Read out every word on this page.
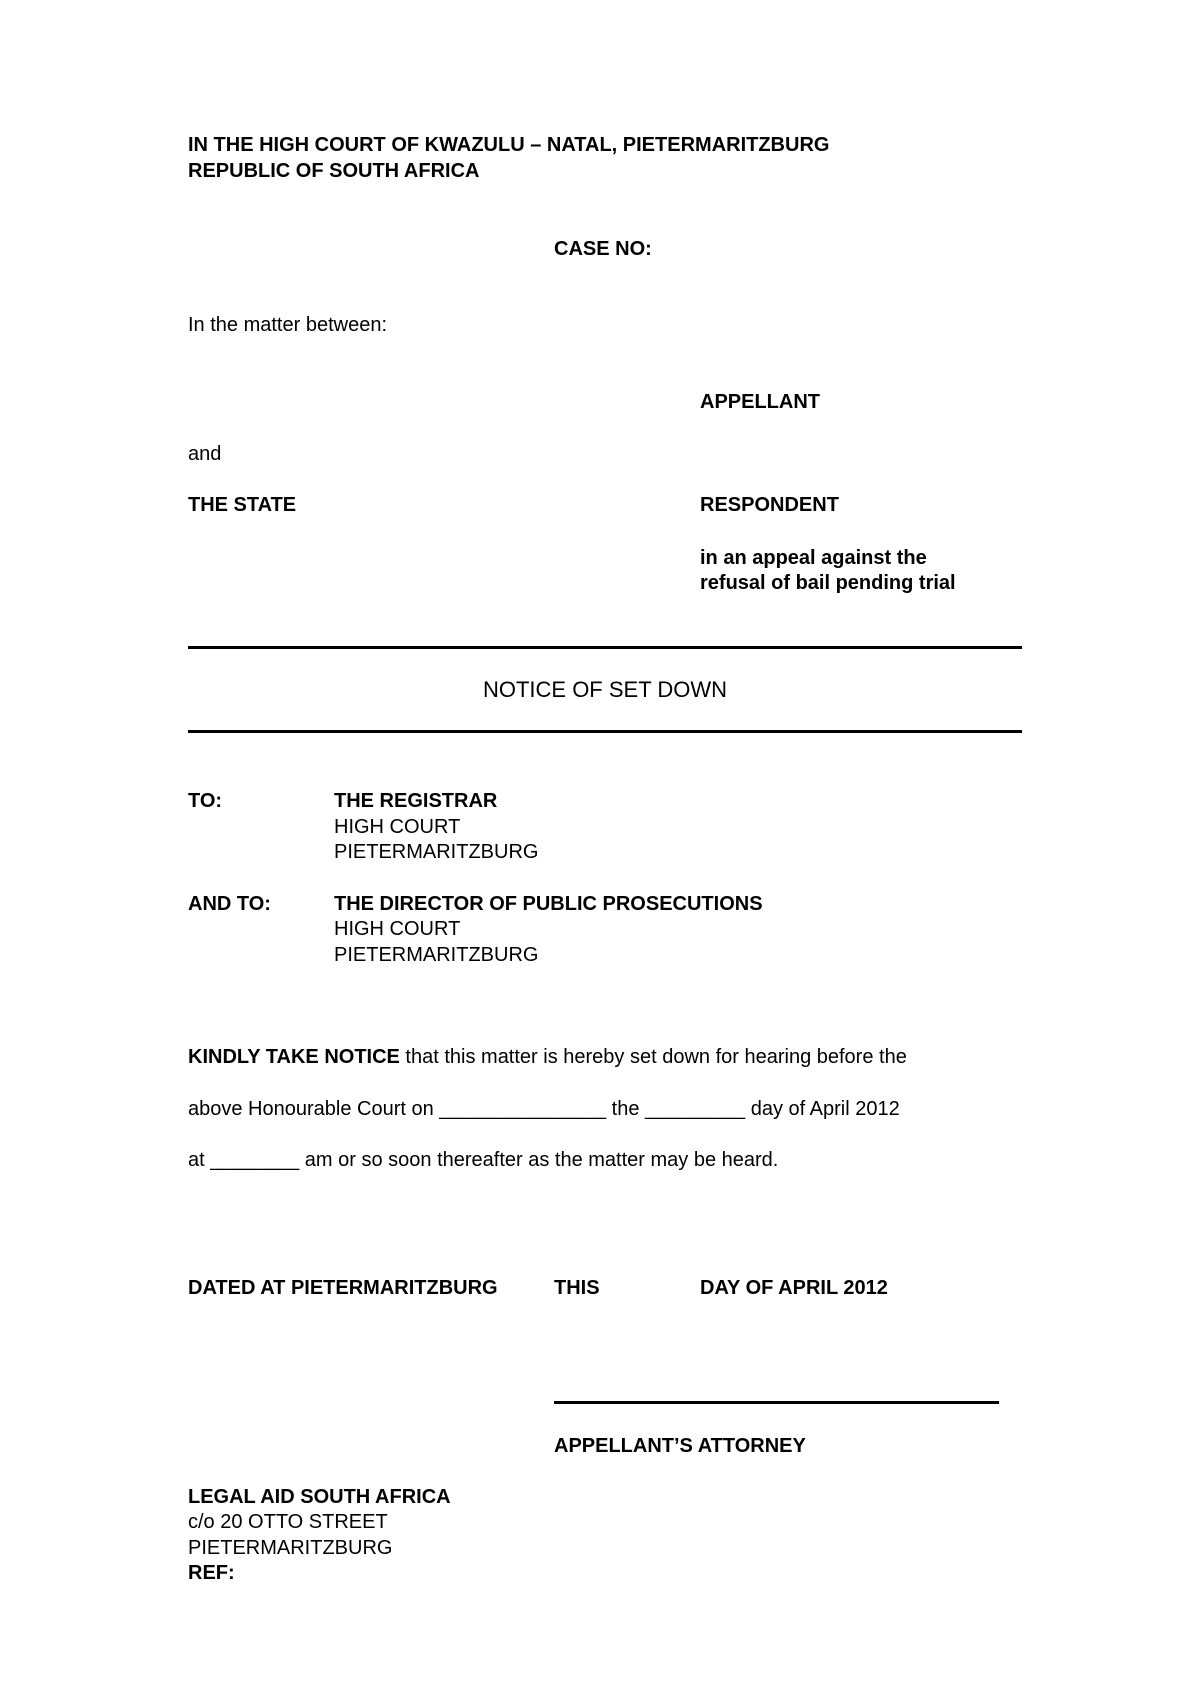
IN THE HIGH COURT OF KWAZULU – NATAL, PIETERMARITZBURG
REPUBLIC OF SOUTH AFRICA
CASE NO:
In the matter between:
APPELLANT
and
THE STATE	RESPONDENT
in an appeal against the
refusal of bail pending trial
NOTICE OF SET DOWN
TO:	THE REGISTRAR
HIGH COURT
PIETERMARITZBURG
AND TO:	THE DIRECTOR OF PUBLIC PROSECUTIONS
HIGH COURT
PIETERMARITZBURG
KINDLY TAKE NOTICE that this matter is hereby set down for hearing before the
above Honourable Court on _______________ the _________ day of April 2012
at ________ am or so soon thereafter as the matter may be heard.
DATED AT PIETERMARITZBURG	THIS	DAY OF APRIL 2012
APPELLANT’S ATTORNEY
LEGAL AID SOUTH AFRICA
c/o 20 OTTO STREET
PIETERMARITZBURG
REF:
